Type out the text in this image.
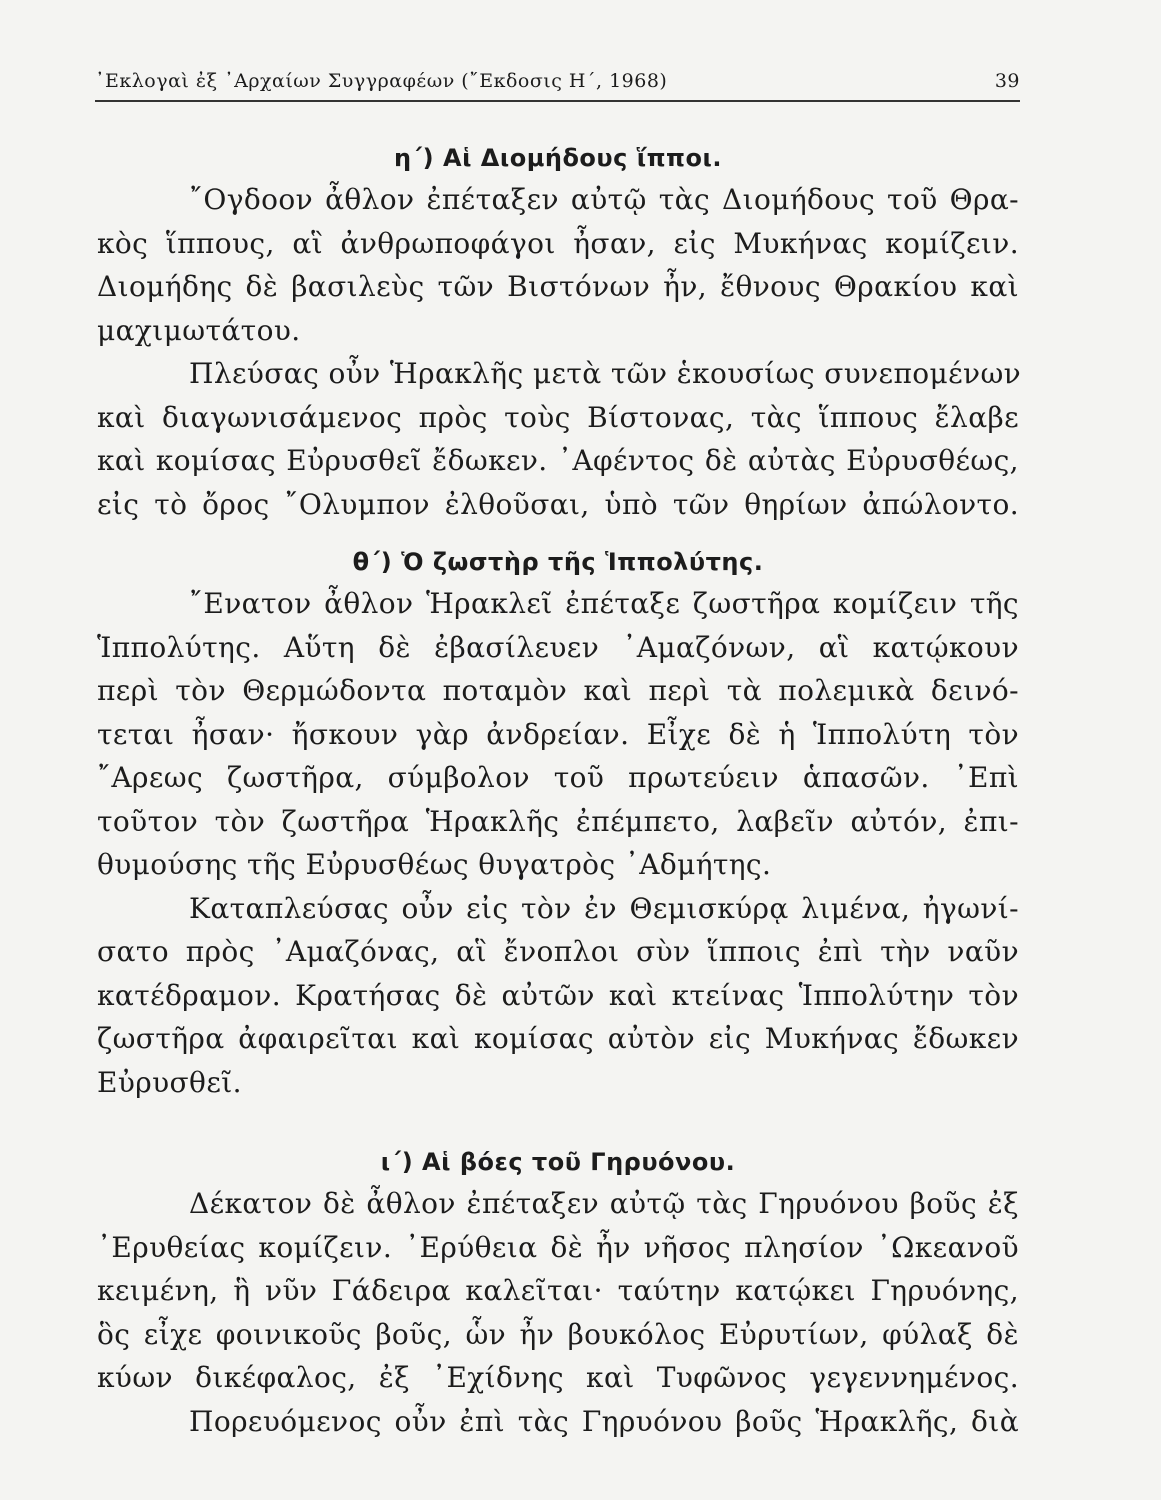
᾿Εκλογαὶ ἐξ ᾿Αρχαίων Συγγραφέων (῎Εκδοσις Η΄, 1968)	39
η΄) Αἱ Διομήδους ἵπποι.
῎Ογδοον ἆθλον ἐπέταξεν αὐτῷ τὰς Διομήδους τοῦ Θρα-
κὸς ἵππους, αἳ ἀνθρωποφάγοι ἦσαν, εἰς Μυκήνας κομίζειν.
Διομήδης δὲ βασιλεὺς τῶν Βιστόνων ἦν, ἔθνους Θρακίου καὶ
μαχιμωτάτου.
Πλεύσας οὖν Ἡρακλῆς μετὰ τῶν ἑκουσίως συνεπομένων
καὶ διαγωνισάμενος πρὸς τοὺς Βίστονας, τὰς ἵππους ἔλαβε
καὶ κομίσας Εὐρυσθεῖ ἔδωκεν. ᾿Αφέντος δὲ αὐτὰς Εὐρυσθέως,
εἰς τὸ ὄρος ῎Ολυμπον ἐλθοῦσαι, ὑπὸ τῶν θηρίων ἀπώλοντο.
θ΄) Ὁ ζωστὴρ τῆς Ἱππολύτης.
῎Ενατον ἆθλον Ἡρακλεῖ ἐπέταξε ζωστῆρα κομίζειν τῆς
Ἱππολύτης. Αὕτη δὲ ἐβασίλευεν ᾿Αμαζόνων, αἳ κατῴκουν
περὶ τὸν Θερμώδοντα ποταμὸν καὶ περὶ τὰ πολεμικὰ δεινό-
τεται ἦσαν· ἤσκουν γὰρ ἀνδρείαν. Εἶχε δὲ ἡ Ἱππολύτη τὸν
῎Αρεως ζωστῆρα, σύμβολον τοῦ πρωτεύειν ἁπασῶν. ᾿Επὶ
τοῦτον τὸν ζωστῆρα Ἡρακλῆς ἐπέμπετο, λαβεῖν αὐτόν, ἐπι-
θυμούσης τῆς Εὐρυσθέως θυγατρὸς ᾿Αδμήτης.
Καταπλεύσας οὖν εἰς τὸν ἐν Θεμισκύρᾳ λιμένα, ἠγωνί-
σατο πρὸς ᾿Αμαζόνας, αἳ ἔνοπλοι σὺν ἵπποις ἐπὶ τὴν ναῦν
κατέδραμον. Κρατήσας δὲ αὐτῶν καὶ κτείνας Ἱππολύτην τὸν
ζωστῆρα ἀφαιρεῖται καὶ κομίσας αὐτὸν εἰς Μυκήνας ἔδωκεν
Εὐρυσθεῖ.
ι΄) Αἱ βόες τοῦ Γηρυόνου.
Δέκατον δὲ ἆθλον ἐπέταξεν αὐτῷ τὰς Γηρυόνου βοῦς ἐξ
᾿Ερυθείας κομίζειν. ᾿Ερύθεια δὲ ἦν νῆσος πλησίον ᾿Ωκεανοῦ
κειμένη, ἣ νῦν Γάδειρα καλεῖται· ταύτην κατῴκει Γηρυόνης,
ὃς εἶχε φοινικοῦς βοῦς, ὧν ἦν βουκόλος Εὐρυτίων, φύλαξ δὲ
κύων δικέφαλος, ἐξ ᾿Εχίδνης καὶ Τυφῶνος γεγεννημένος.
Πορευόμενος οὖν ἐπὶ τὰς Γηρυόνου βοῦς Ἡρακλῆς, διὰ
